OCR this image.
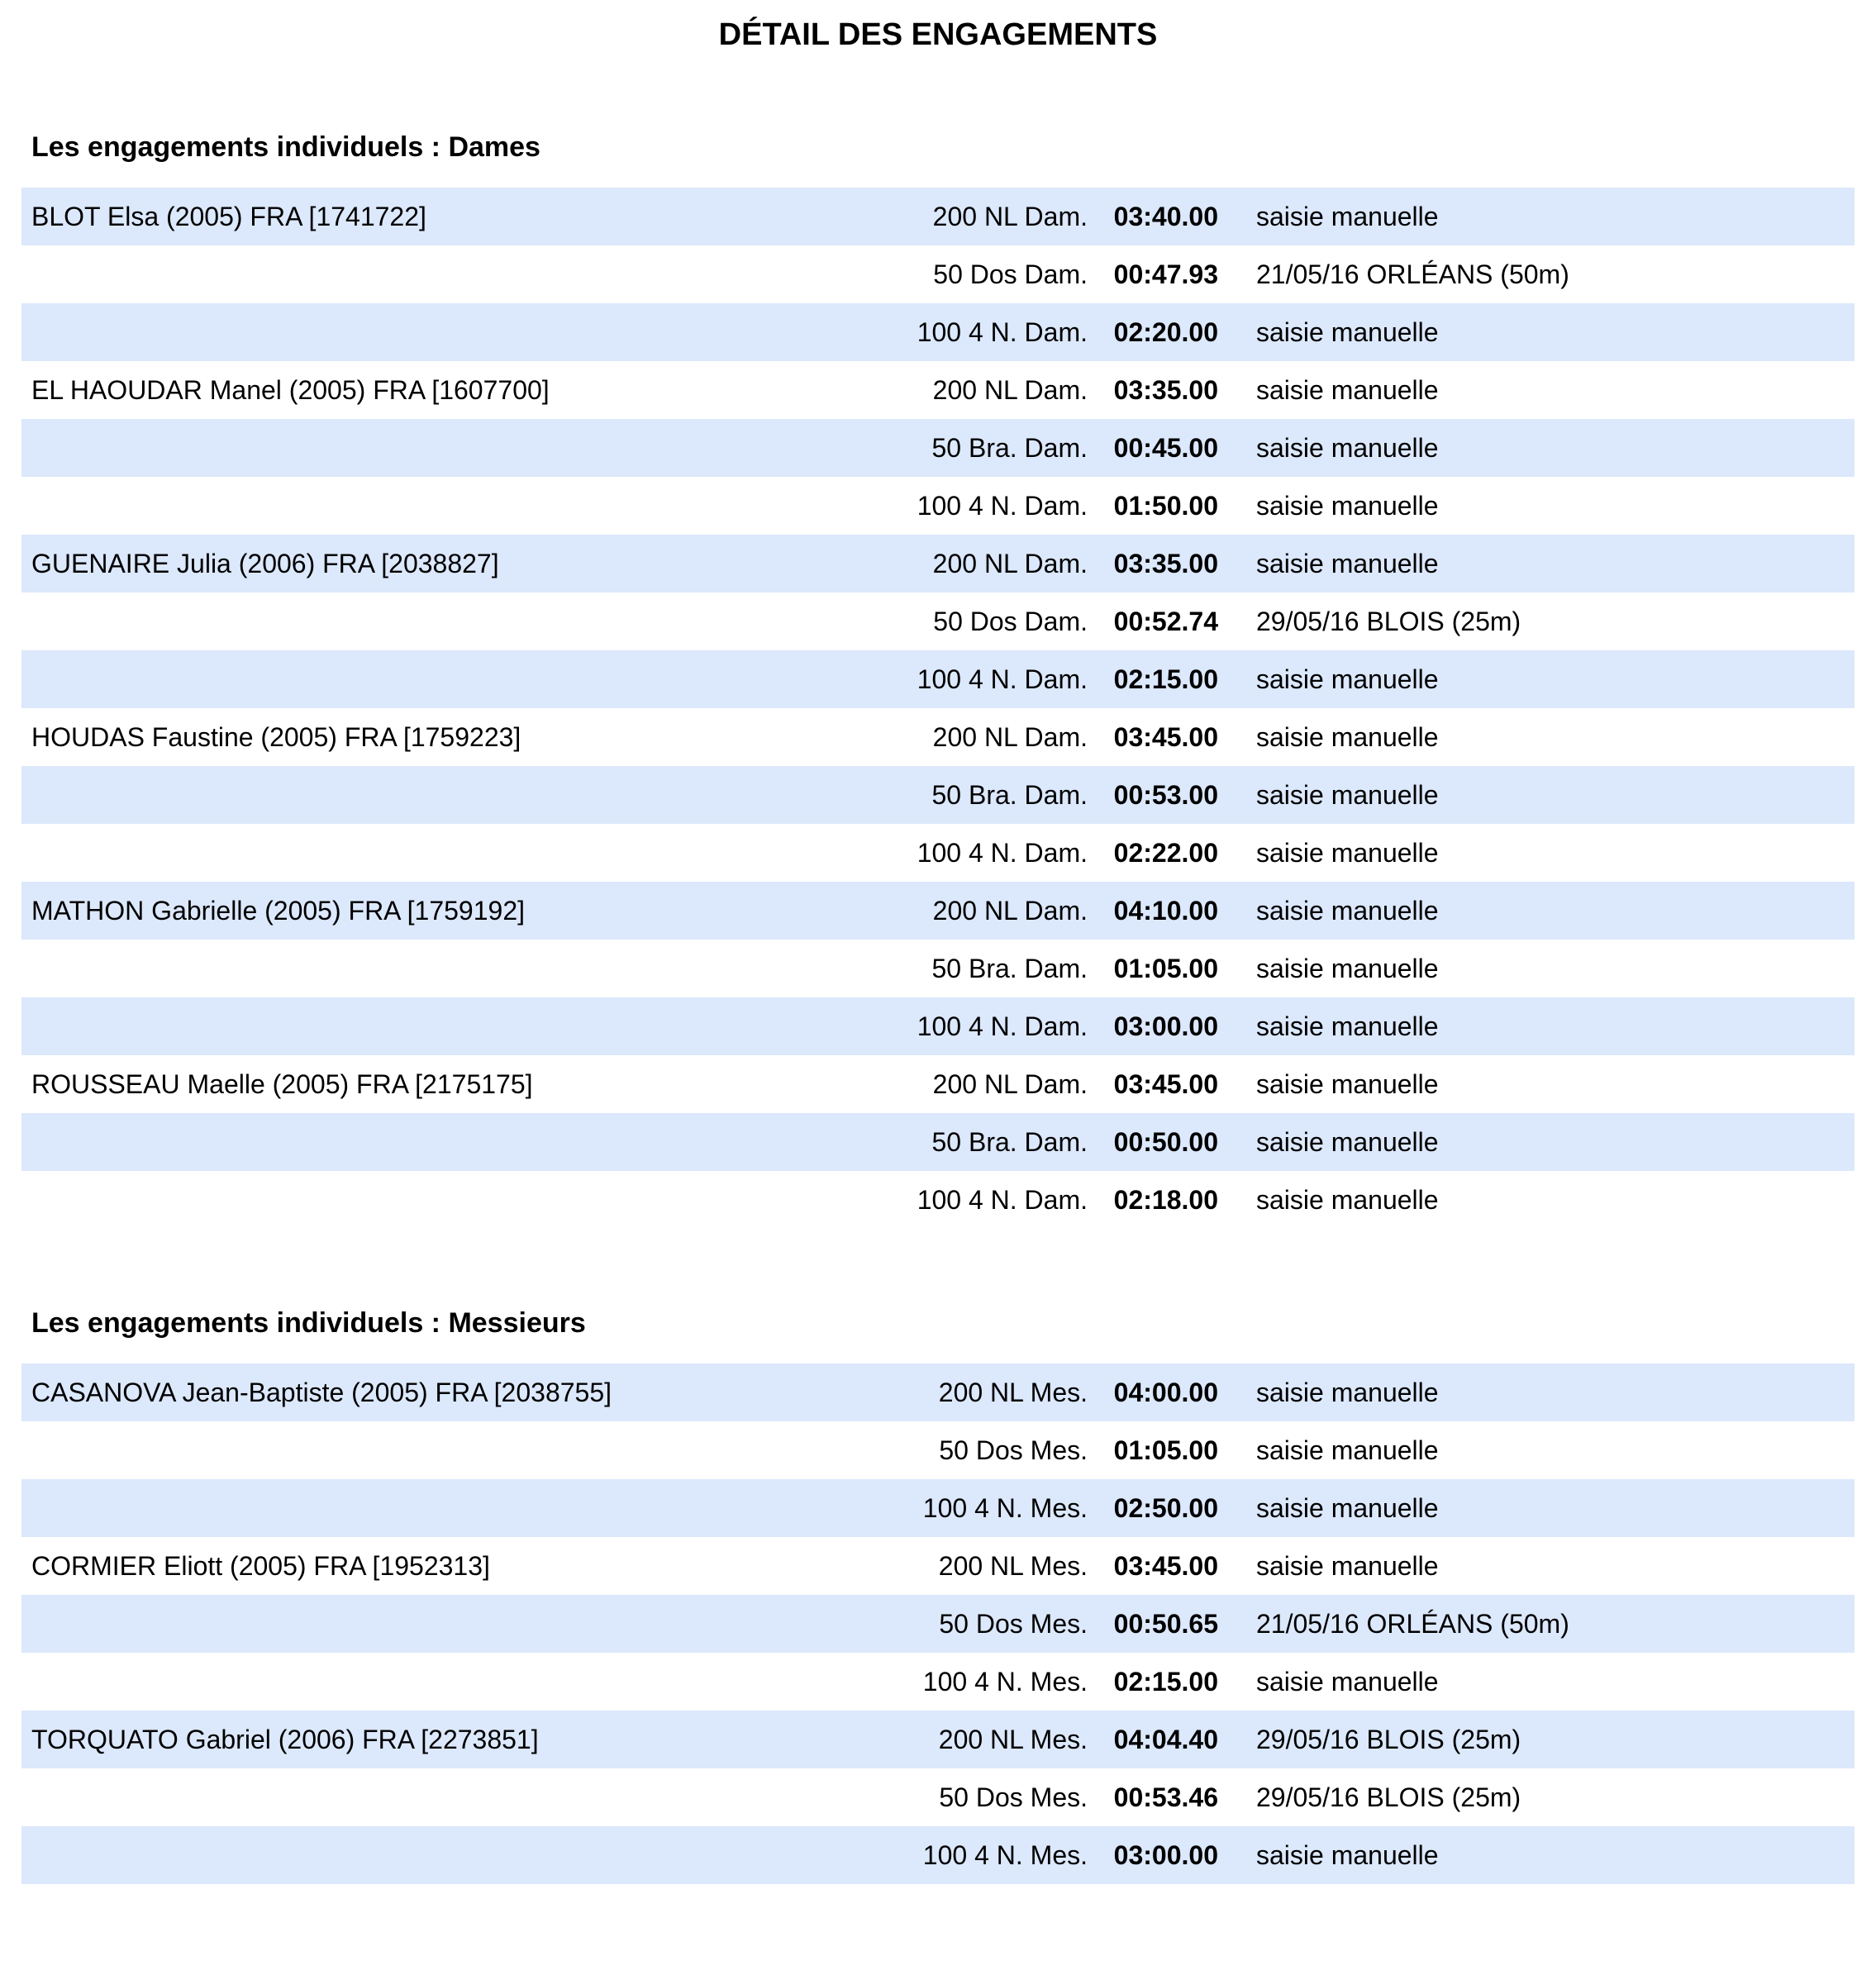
DÉTAIL DES ENGAGEMENTS
Les engagements individuels : Dames
BLOT Elsa (2005) FRA [1741722]	200 NL Dam. 03:40.00 saisie manuelle
50 Dos Dam. 00:47.93 21/05/16 ORLÉANS (50m)
100 4 N. Dam. 02:20.00 saisie manuelle
EL HAOUDAR Manel (2005) FRA [1607700]	200 NL Dam. 03:35.00 saisie manuelle
50 Bra. Dam. 00:45.00 saisie manuelle
100 4 N. Dam. 01:50.00 saisie manuelle
GUENAIRE Julia (2006) FRA [2038827]	200 NL Dam. 03:35.00 saisie manuelle
50 Dos Dam. 00:52.74 29/05/16 BLOIS (25m)
100 4 N. Dam. 02:15.00 saisie manuelle
HOUDAS Faustine (2005) FRA [1759223]	200 NL Dam. 03:45.00 saisie manuelle
50 Bra. Dam. 00:53.00 saisie manuelle
100 4 N. Dam. 02:22.00 saisie manuelle
MATHON Gabrielle (2005) FRA [1759192]	200 NL Dam. 04:10.00 saisie manuelle
50 Bra. Dam. 01:05.00 saisie manuelle
100 4 N. Dam. 03:00.00 saisie manuelle
ROUSSEAU Maelle (2005) FRA [2175175]	200 NL Dam. 03:45.00 saisie manuelle
50 Bra. Dam. 00:50.00 saisie manuelle
100 4 N. Dam. 02:18.00 saisie manuelle
Les engagements individuels : Messieurs
CASANOVA Jean-Baptiste (2005) FRA [2038755]	200 NL Mes. 04:00.00 saisie manuelle
50 Dos Mes. 01:05.00 saisie manuelle
100 4 N. Mes. 02:50.00 saisie manuelle
CORMIER Eliott (2005) FRA [1952313]	200 NL Mes. 03:45.00 saisie manuelle
50 Dos Mes. 00:50.65 21/05/16 ORLÉANS (50m)
100 4 N. Mes. 02:15.00 saisie manuelle
TORQUATO Gabriel (2006) FRA [2273851]	200 NL Mes. 04:04.40 29/05/16 BLOIS (25m)
50 Dos Mes. 00:53.46 29/05/16 BLOIS (25m)
100 4 N. Mes. 03:00.00 saisie manuelle
